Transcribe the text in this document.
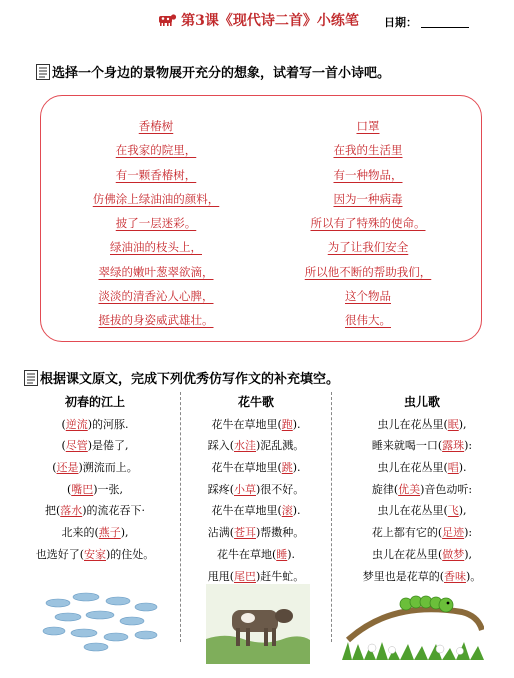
第3课《现代诗二首》小练笔	日期：
选择一个身边的景物展开充分的想象，试着写一首小诗吧。
香椿树
在我家的院里，
有一颗香椿树，
仿佛涂上绿油油的颜料，
披了一层迷彩。
绿油油的枝头上，
翠绿的嫩叶葱翠欲滴，
淡淡的清香沁人心脾，
挺拔的身姿威武雄壮。
口罩
在我的生活里
有一种物品，
因为一种病毒
所以有了特殊的使命。
为了让我们安全
所以他不断的帮助我们，
这个物品
很伟大。
根据课文原文，完成下列优秀仿写作文的补充填空。
初春的江上
(逆流)的河豚.
(尽管)是倦了,
(还是)溯流而上。
(嘴巴)一张,
把(落水)的流花吞下·
北来的(燕子),
也选好了(安家)的住处。
花牛歌
花牛在草地里(跑).
踩入(水洼)泥乱溅。
花牛在草地里(跳).
踩疼(小草)很不好。
花牛在草地里(滚).
沾满(苍耳)帮擞种。
花牛在草地(睡).
甩甩(尾巴)赶牛虻。
虫儿歌
虫儿在花丛里(眠),
睡来就喝一口(露珠):
虫儿在花丛里(唱).
旋律(优美)音色动听:
虫儿在花丛里(飞),
花上都有它的(足迹):
虫儿在花丛里(做梦),
梦里也是花草的(香味)。
